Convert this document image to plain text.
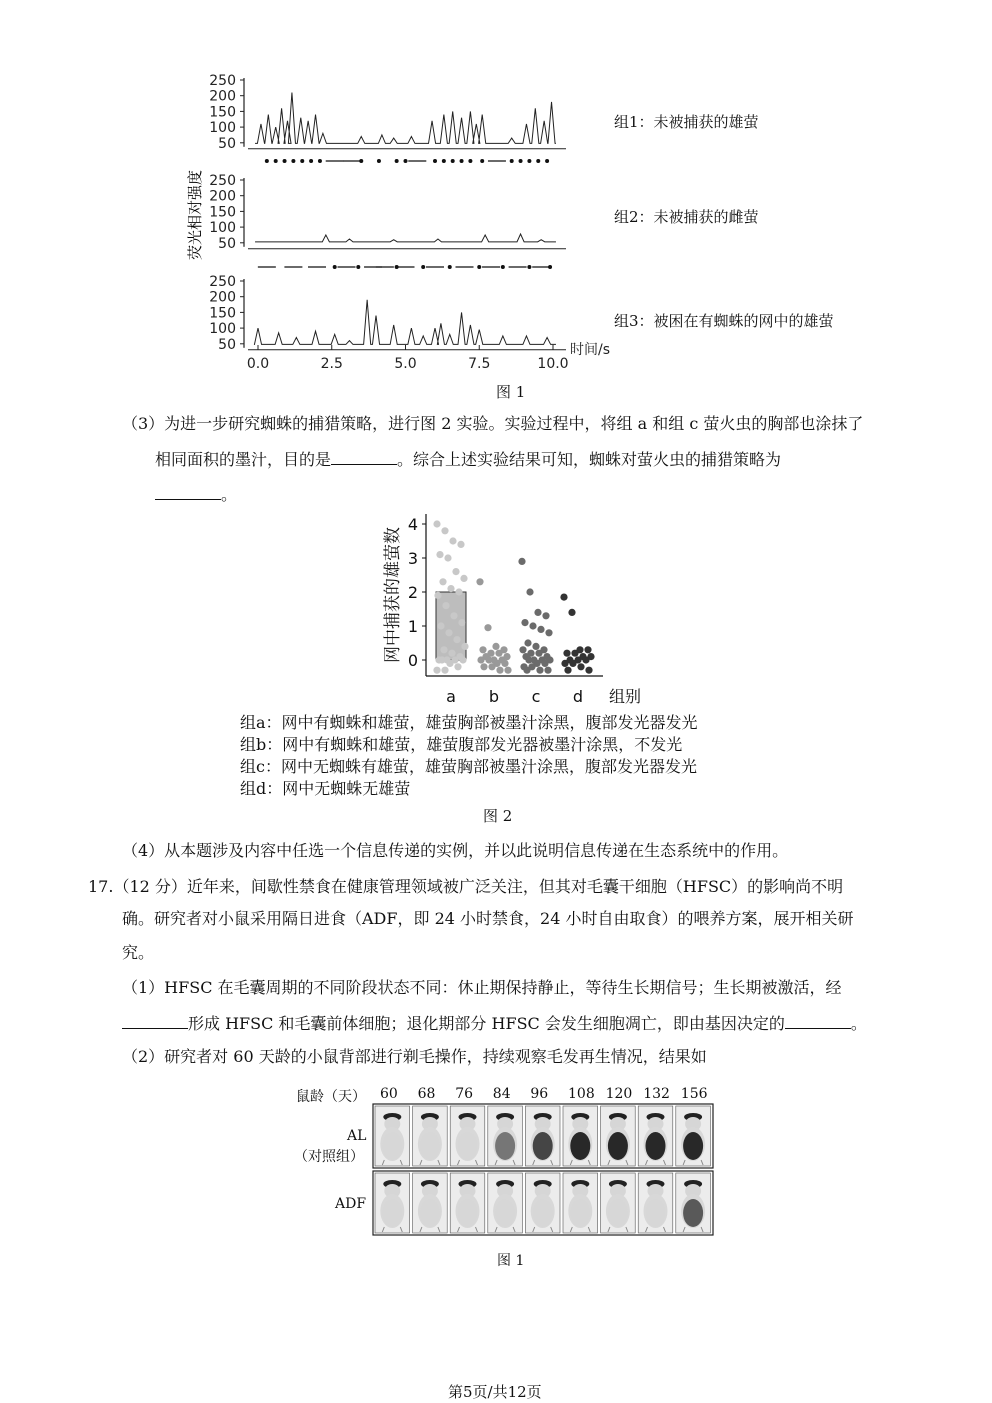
荧光相对强度
250
200
150
100
50
250
200
150
100
50
250
200
150
100
50
0.0	2.5	5.0	7.5	10.0
时间/s
组1：未被捕获的雄萤
组2：未被捕获的雌萤
组3：被困在有蜘蛛的网中的雄萤
图 1
（3）为进一步研究蜘蛛的捕猎策略，进行图 2 实验。实验过程中，将组 a 和组 c 萤火虫的胸部也涂抹了
相同面积的墨汁，目的是	。综合上述实验结果可知，蜘蛛对萤火虫的捕猎策略为
。
0
1
2
3
4
网中捕获的雄萤数
a b c d 组别
组a：网中有蜘蛛和雄萤，雄萤胸部被墨汁涂黑，腹部发光器发光
组b：网中有蜘蛛和雄萤，雄萤腹部发光器被墨汁涂黑，不发光
组c：网中无蜘蛛有雄萤，雄萤胸部被墨汁涂黑，腹部发光器发光
组d：网中无蜘蛛无雄萤
图 2
（4）从本题涉及内容中任选一个信息传递的实例，并以此说明信息传递在生态系统中的作用。
17.（12 分）近年来，间歇性禁食在健康管理领域被广泛关注，但其对毛囊干细胞（HFSC）的影响尚不明
确。研究者对小鼠采用隔日进食（ADF，即 24 小时禁食，24 小时自由取食）的喂养方案，展开相关研
究。
（1）HFSC 在毛囊周期的不同阶段状态不同：休止期保持静止，等待生长期信号；生长期被激活，经
形成 HFSC 和毛囊前体细胞；退化期部分 HFSC 会发生细胞凋亡，即由基因决定的	。
（2）研究者对 60 天龄的小鼠背部进行剃毛操作，持续观察毛发再生情况，结果如
鼠龄（天） 60 68 76 84 96 108 120 132 156
AL
（对照组）
ADF
图 1
第5页/共12页
